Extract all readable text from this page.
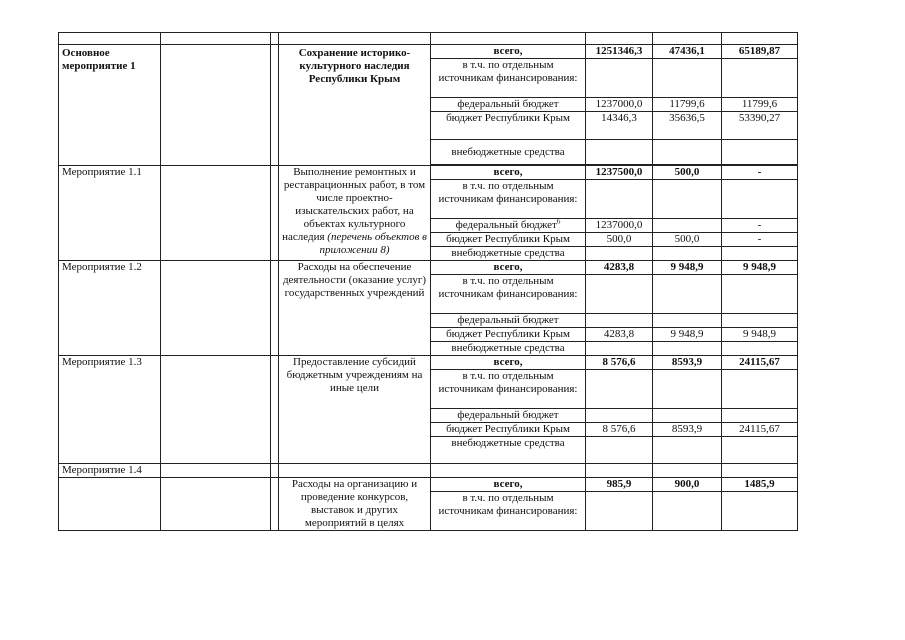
Основное мероприятие 1			Сохранение историко-культурного наследия Республики Крым	всего,	1251346,3	47436,1	65189,87
				в т.ч. по отдельным источникам финансирования:			
				федеральный бюджет	1237000,0	11799,6	11799,6
				бюджет Республики Крым	14346,3	35636,5	53390,27
				внебюджетные средства			

Мероприятие 1.1			Выполнение ремонтных и реставрационных работ, в том числе проектно-изыскательских работ, на объектах культурного наследия (перечень объектов в приложении 8)	всего,	1237500,0	500,0	-
				в т.ч. по отдельным источникам финансирования:			
				федеральный бюджет$^6$	1237000,0		-
				бюджет Республики Крым	500,0	500,0	-
				внебюджетные средства			
Мероприятие 1.2			Расходы на обеспечение деятельности (оказание услуг) государственных учреждений	всего,	4283,8	9 948,9	9 948,9
				в т.ч. по отдельным источникам финансирования:			
				федеральный бюджет			
				бюджет Республики Крым	4283,8	9 948,9	9 948,9
				внебюджетные средства			
Мероприятие 1.3			Предоставление субсидий бюджетным учреждениям на иные цели	всего,	8 576,6	8593,9	24115,67
				в т.ч. по отдельным источникам финансирования:			
				федеральный бюджет			
				бюджет Республики Крым	8 576,6	8593,9	24115,67
				внебюджетные средства			
Мероприятие 1.4							

			Расходы на организацию и проведение конкурсов, выставок и других мероприятий в целях	всего,	985,9	900,0	1485,9
				в т.ч. по отдельным источникам финансирования:			
